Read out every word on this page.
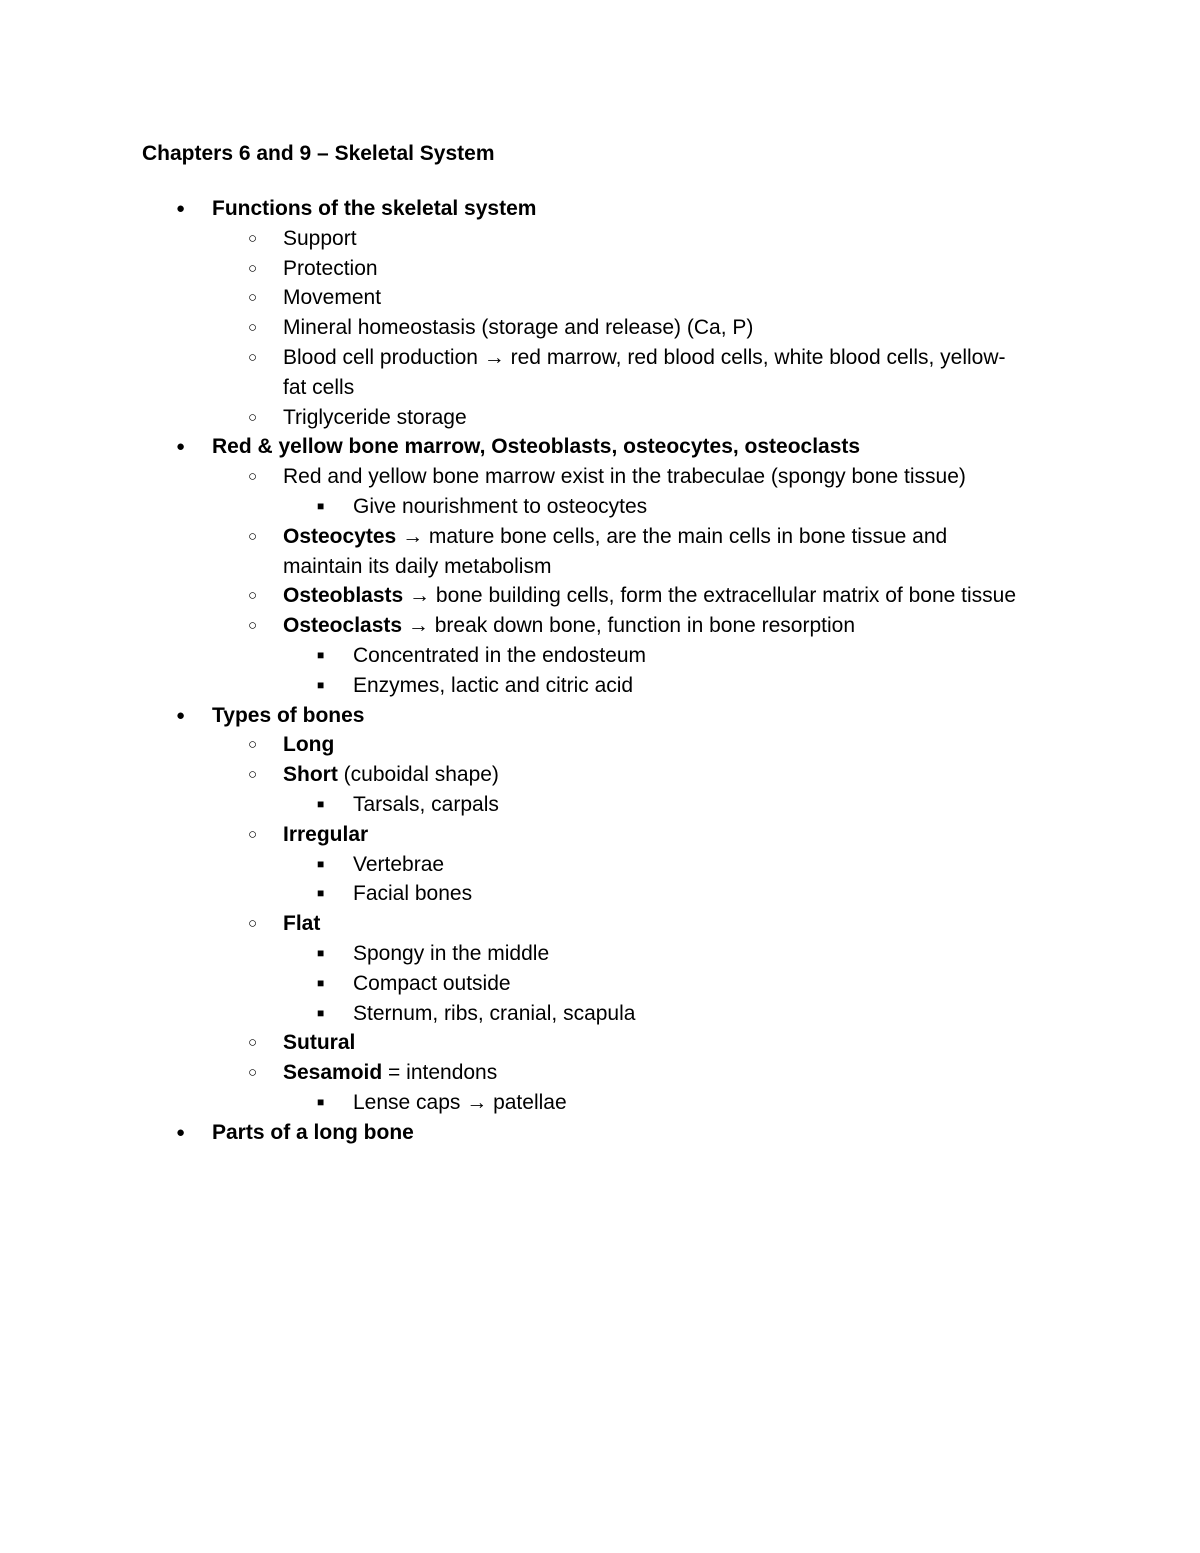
Chapters 6 and 9 – Skeletal System
● Functions of the skeletal system
○ Support
○ Protection
○ Movement
○ Mineral homeostasis (storage and release) (Ca, P)
○ Blood cell production → red marrow, red blood cells, white blood cells, yellow-fat cells
○ Triglyceride storage
● Red & yellow bone marrow, Osteoblasts, osteocytes, osteoclasts
○ Red and yellow bone marrow exist in the trabeculae (spongy bone tissue)
■ Give nourishment to osteocytes
○ Osteocytes → mature bone cells, are the main cells in bone tissue and maintain its daily metabolism
○ Osteoblasts → bone building cells, form the extracellular matrix of bone tissue
○ Osteoclasts → break down bone, function in bone resorption
■ Concentrated in the endosteum
■ Enzymes, lactic and citric acid
● Types of bones
○ Long
○ Short (cuboidal shape)
■ Tarsals, carpals
○ Irregular
■ Vertebrae
■ Facial bones
○ Flat
■ Spongy in the middle
■ Compact outside
■ Sternum, ribs, cranial, scapula
○ Sutural
○ Sesamoid = intendons
■ Lense caps → patellae
● Parts of a long bone
